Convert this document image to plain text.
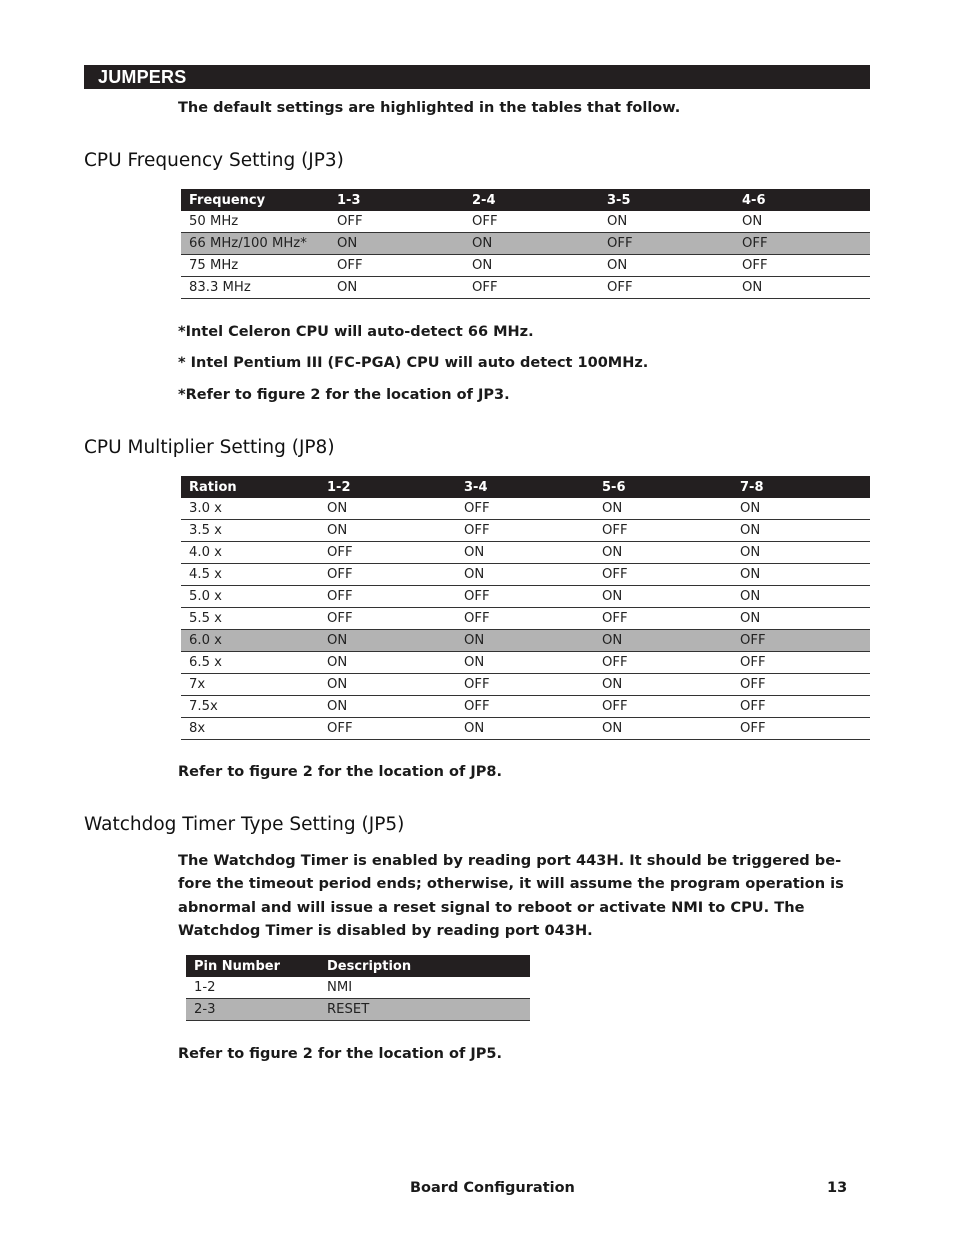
JUMPERS
The default settings are highlighted in the tables that follow.
CPU Frequency Setting (JP3)
Frequency	1-3	2-4	3-5	4-6
50 MHz	OFF	OFF	ON	ON
66 MHz/100 MHz*	ON	ON	OFF	OFF
75 MHz	OFF	ON	ON	OFF
83.3 MHz	ON	OFF	OFF	ON
*Intel Celeron CPU will auto-detect 66 MHz.
* Intel Pentium III (FC-PGA) CPU will auto detect 100MHz.
*Refer to figure 2 for the location of JP3.
CPU Multiplier Setting (JP8)
Ration	1-2	3-4	5-6	7-8
3.0 x	ON	OFF	ON	ON
3.5 x	ON	OFF	OFF	ON
4.0 x	OFF	ON	ON	ON
4.5 x	OFF	ON	OFF	ON
5.0 x	OFF	OFF	ON	ON
5.5 x	OFF	OFF	OFF	ON
6.0 x	ON	ON	ON	OFF
6.5 x	ON	ON	OFF	OFF
7x	ON	OFF	ON	OFF
7.5x	ON	OFF	OFF	OFF
8x	OFF	ON	ON	OFF
Refer to figure 2 for the location of JP8.
Watchdog Timer Type Setting (JP5)
The Watchdog Timer is enabled by reading port 443H. It should be triggered be-fore the timeout period ends; otherwise, it will assume the program operation is abnormal and will issue a reset signal to reboot or activate NMI to CPU. The Watchdog Timer is disabled by reading port 043H.
Pin Number	Description
1-2	NMI
2-3	RESET
Refer to figure 2 for the location of JP5.
Board Configuration	13
